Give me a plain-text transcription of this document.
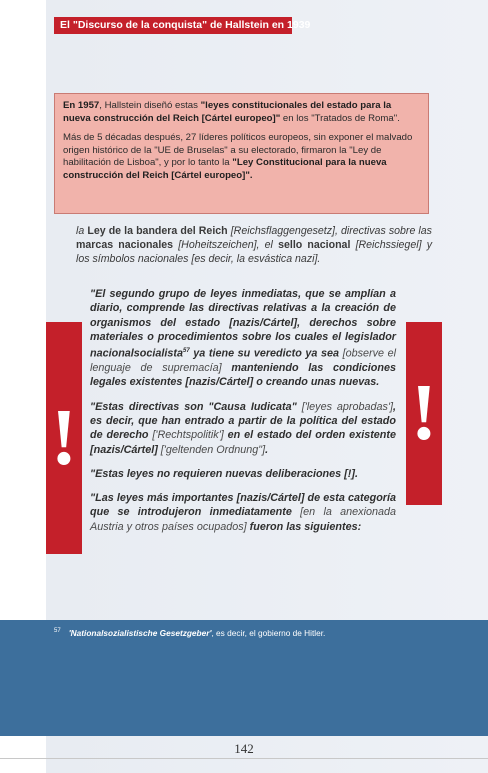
El "Discurso de la conquista" de Hallstein en 1939

En 1957, Hallstein diseñó estas "leyes constitucionales del estado para la nueva construcción del Reich [Cártel europeo]" en los "Tratados de Roma".

Más de 5 décadas después, 27 líderes políticos europeos, sin exponer el malvado origen histórico de la "UE de Bruselas" a su electorado, firmaron la "Ley de habilitación de Lisboa", y por lo tanto la "Ley Constitucional para la nueva construcción del Reich [Cártel europeo]".

la Ley de la bandera del Reich [Reichsflaggengesetz], directivas sobre las marcas nacionales [Hoheitszeichen], el sello nacional [Reichssiegel] y los símbolos nacionales [es decir, la esvástica nazi].
!	!

"El segundo grupo de leyes inmediatas, que se amplían a diario, comprende las directivas relativas a la creación de organismos del estado [nazis/Cártel], derechos sobre materiales o procedimientos sobre los cuales el legislador nacionalsocialista$^{57}$ ya tiene su veredicto ya sea [observe el lenguaje de supremacía] manteniendo las condiciones legales existentes [nazis/Cártel] o creando unas nuevas.

"Estas directivas son "Causa Iudicata" ['leyes aprobadas'], es decir, que han entrado a partir de la política del estado de derecho ['Rechtspolitik'] en el estado del orden existente [nazis/Cártel] ['geltenden Ordnung"].

"Estas leyes no requieren nuevas deliberaciones [!].

"Las leyes más importantes [nazis/Cártel] de esta categoría que se introdujeron inmediatamente [en la anexionada Austria y otros países ocupados] fueron las siguientes:

$^{57}$ 'Nationalsozialistische Gesetzgeber', es decir, el gobierno de Hitler.
142
